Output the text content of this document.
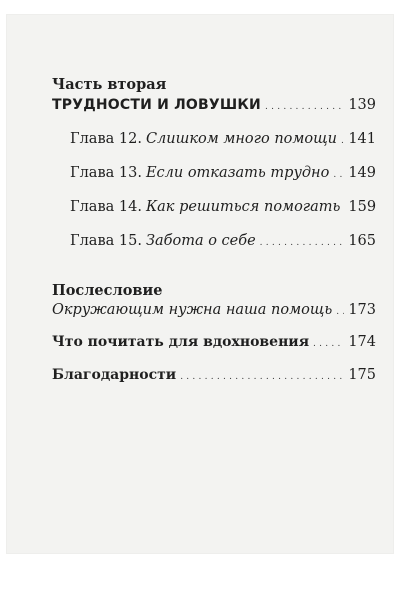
Часть вторая
ТРУДНОСТИ И ЛОВУШКИ . . .	139
Глава 12. Слишком много помощи . . . 141
Глава 13. Если отказать трудно . . . 149
Глава 14. Как решиться помогать 159
Глава 15. Забота о себе . . .	165
Послесловие
Окружающим нужна наша помощь . . . 173
Что почитать для вдохновения . . .	174
Благодарности . . .	175
